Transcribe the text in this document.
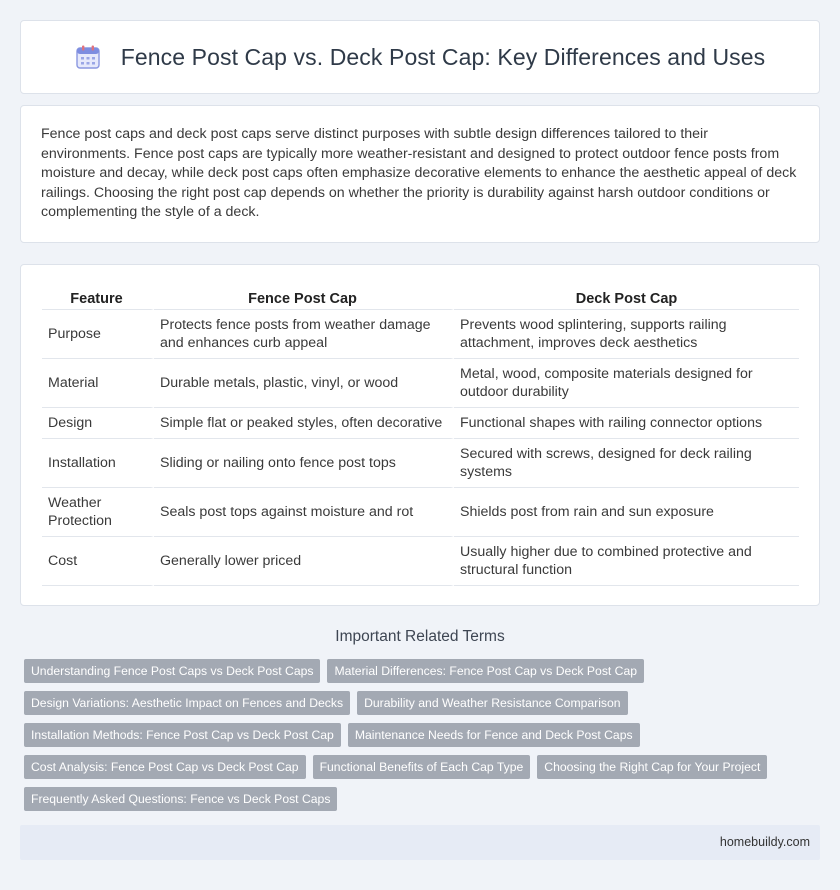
Fence Post Cap vs. Deck Post Cap: Key Differences and Uses

Fence post caps and deck post caps serve distinct purposes with subtle design differences tailored to their environments. Fence post caps are typically more weather-resistant and designed to protect outdoor fence posts from moisture and decay, while deck post caps often emphasize decorative elements to enhance the aesthetic appeal of deck railings. Choosing the right post cap depends on whether the priority is durability against harsh outdoor conditions or complementing the style of a deck.

Feature	Fence Post Cap	Deck Post Cap
Purpose	Protects fence posts from weather damage and enhances curb appeal	Prevents wood splintering, supports railing attachment, improves deck aesthetics
Material	Durable metals, plastic, vinyl, or wood	Metal, wood, composite materials designed for outdoor durability
Design	Simple flat or peaked styles, often decorative	Functional shapes with railing connector options
Installation	Sliding or nailing onto fence post tops	Secured with screws, designed for deck railing systems
Weather Protection	Seals post tops against moisture and rot	Shields post from rain and sun exposure
Cost	Generally lower priced	Usually higher due to combined protective and structural function
Important Related Terms
Understanding Fence Post Caps vs Deck Post Caps	Material Differences: Fence Post Cap vs Deck Post Cap
Design Variations: Aesthetic Impact on Fences and Decks	Durability and Weather Resistance Comparison
Installation Methods: Fence Post Cap vs Deck Post Cap	Maintenance Needs for Fence and Deck Post Caps
Cost Analysis: Fence Post Cap vs Deck Post Cap	Functional Benefits of Each Cap Type	Choosing the Right Cap for Your Project
Frequently Asked Questions: Fence vs Deck Post Caps
homebuildy.com
